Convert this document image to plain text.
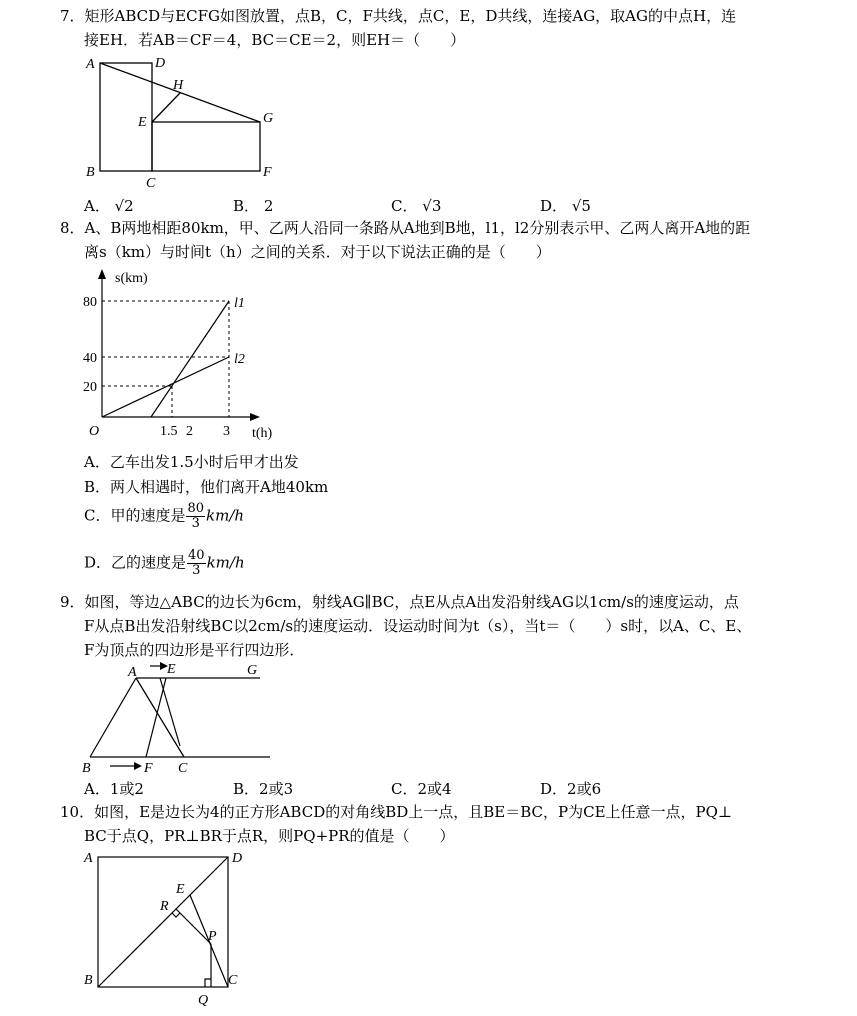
7．矩形ABCD与ECFG如图放置，点B，C，F共线，点C，E，D共线，连接AG，取AG的中点H，连
接EH．若AB＝CF＝4，BC＝CE＝2，则EH＝（　　）
A	D
H
E	G
B
C
F
A． √2	B． 2	C． √3	D． √5
8．A、B两地相距80km，甲、乙两人沿同一条路从A地到B地，l1，l2分别表示甲、乙两人离开A地的距
离s（km）与时间t（h）之间的关系．对于以下说法正确的是（　　）
s(km)
80
40
20
O	1.5 2 3 t(h)
l1
l2
A．乙车出发1.5小时后甲才出发
B．两人相遇时，他们离开A地40km
C．甲的速度是 $\frac{80}{3} km/h$
D．乙的速度是 $\frac{40}{3} km/h$
9．如图，等边△ABC的边长为6cm，射线AG∥BC，点E从点A出发沿射线AG以1cm/s的速度运动，点
F从点B出发沿射线BC以2cm/s的速度运动．设运动时间为t（s），当t＝（　　）s时，以A、C、E、
F为顶点的四边形是平行四边形．
A E	G
B	F C
A．1或2	B．2或3	C．2或4	D．2或6
10．如图，E是边长为4的正方形ABCD的对角线BD上一点，且BE＝BC，P为CE上任意一点，PQ⊥
BC于点Q，PR⊥BR于点R，则PQ+PR的值是（　　）
A	D
E
R
P
B	C
Q
